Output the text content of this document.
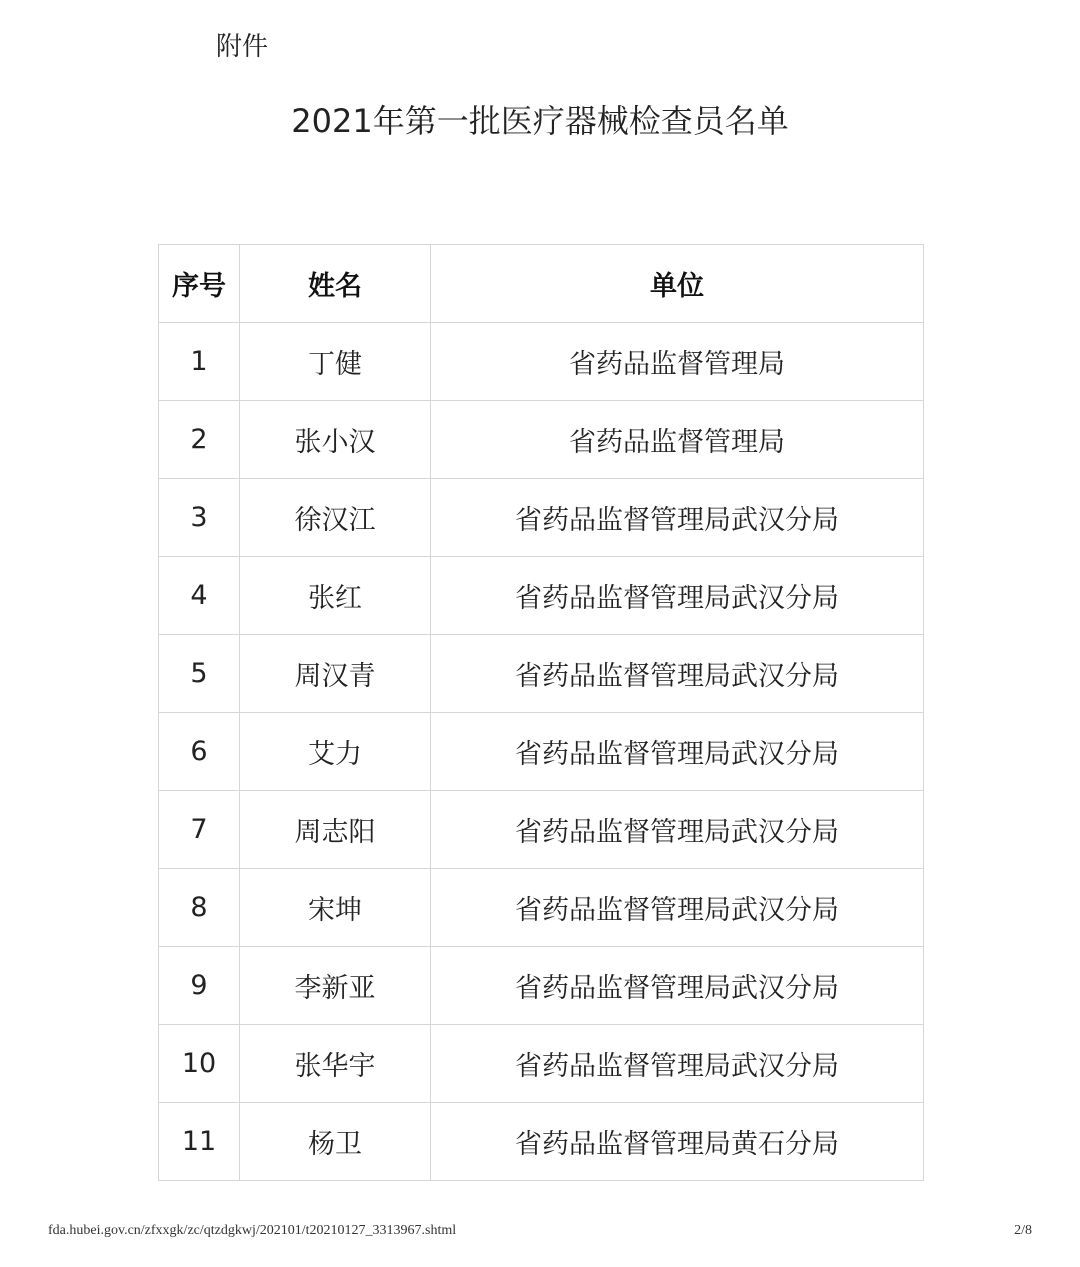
附件
2021年第一批医疗器械检查员名单
序号	姓名	单位
1	丁健	省药品监督管理局
2	张小汉	省药品监督管理局
3	徐汉江	省药品监督管理局武汉分局
4	张红	省药品监督管理局武汉分局
5	周汉青	省药品监督管理局武汉分局
6	艾力	省药品监督管理局武汉分局
7	周志阳	省药品监督管理局武汉分局
8	宋坤	省药品监督管理局武汉分局
9	李新亚	省药品监督管理局武汉分局
10	张华宇	省药品监督管理局武汉分局
11	杨卫	省药品监督管理局黄石分局
fda.hubei.gov.cn/zfxxgk/zc/qtzdgkwj/202101/t20210127_3313967.shtml	2/8
